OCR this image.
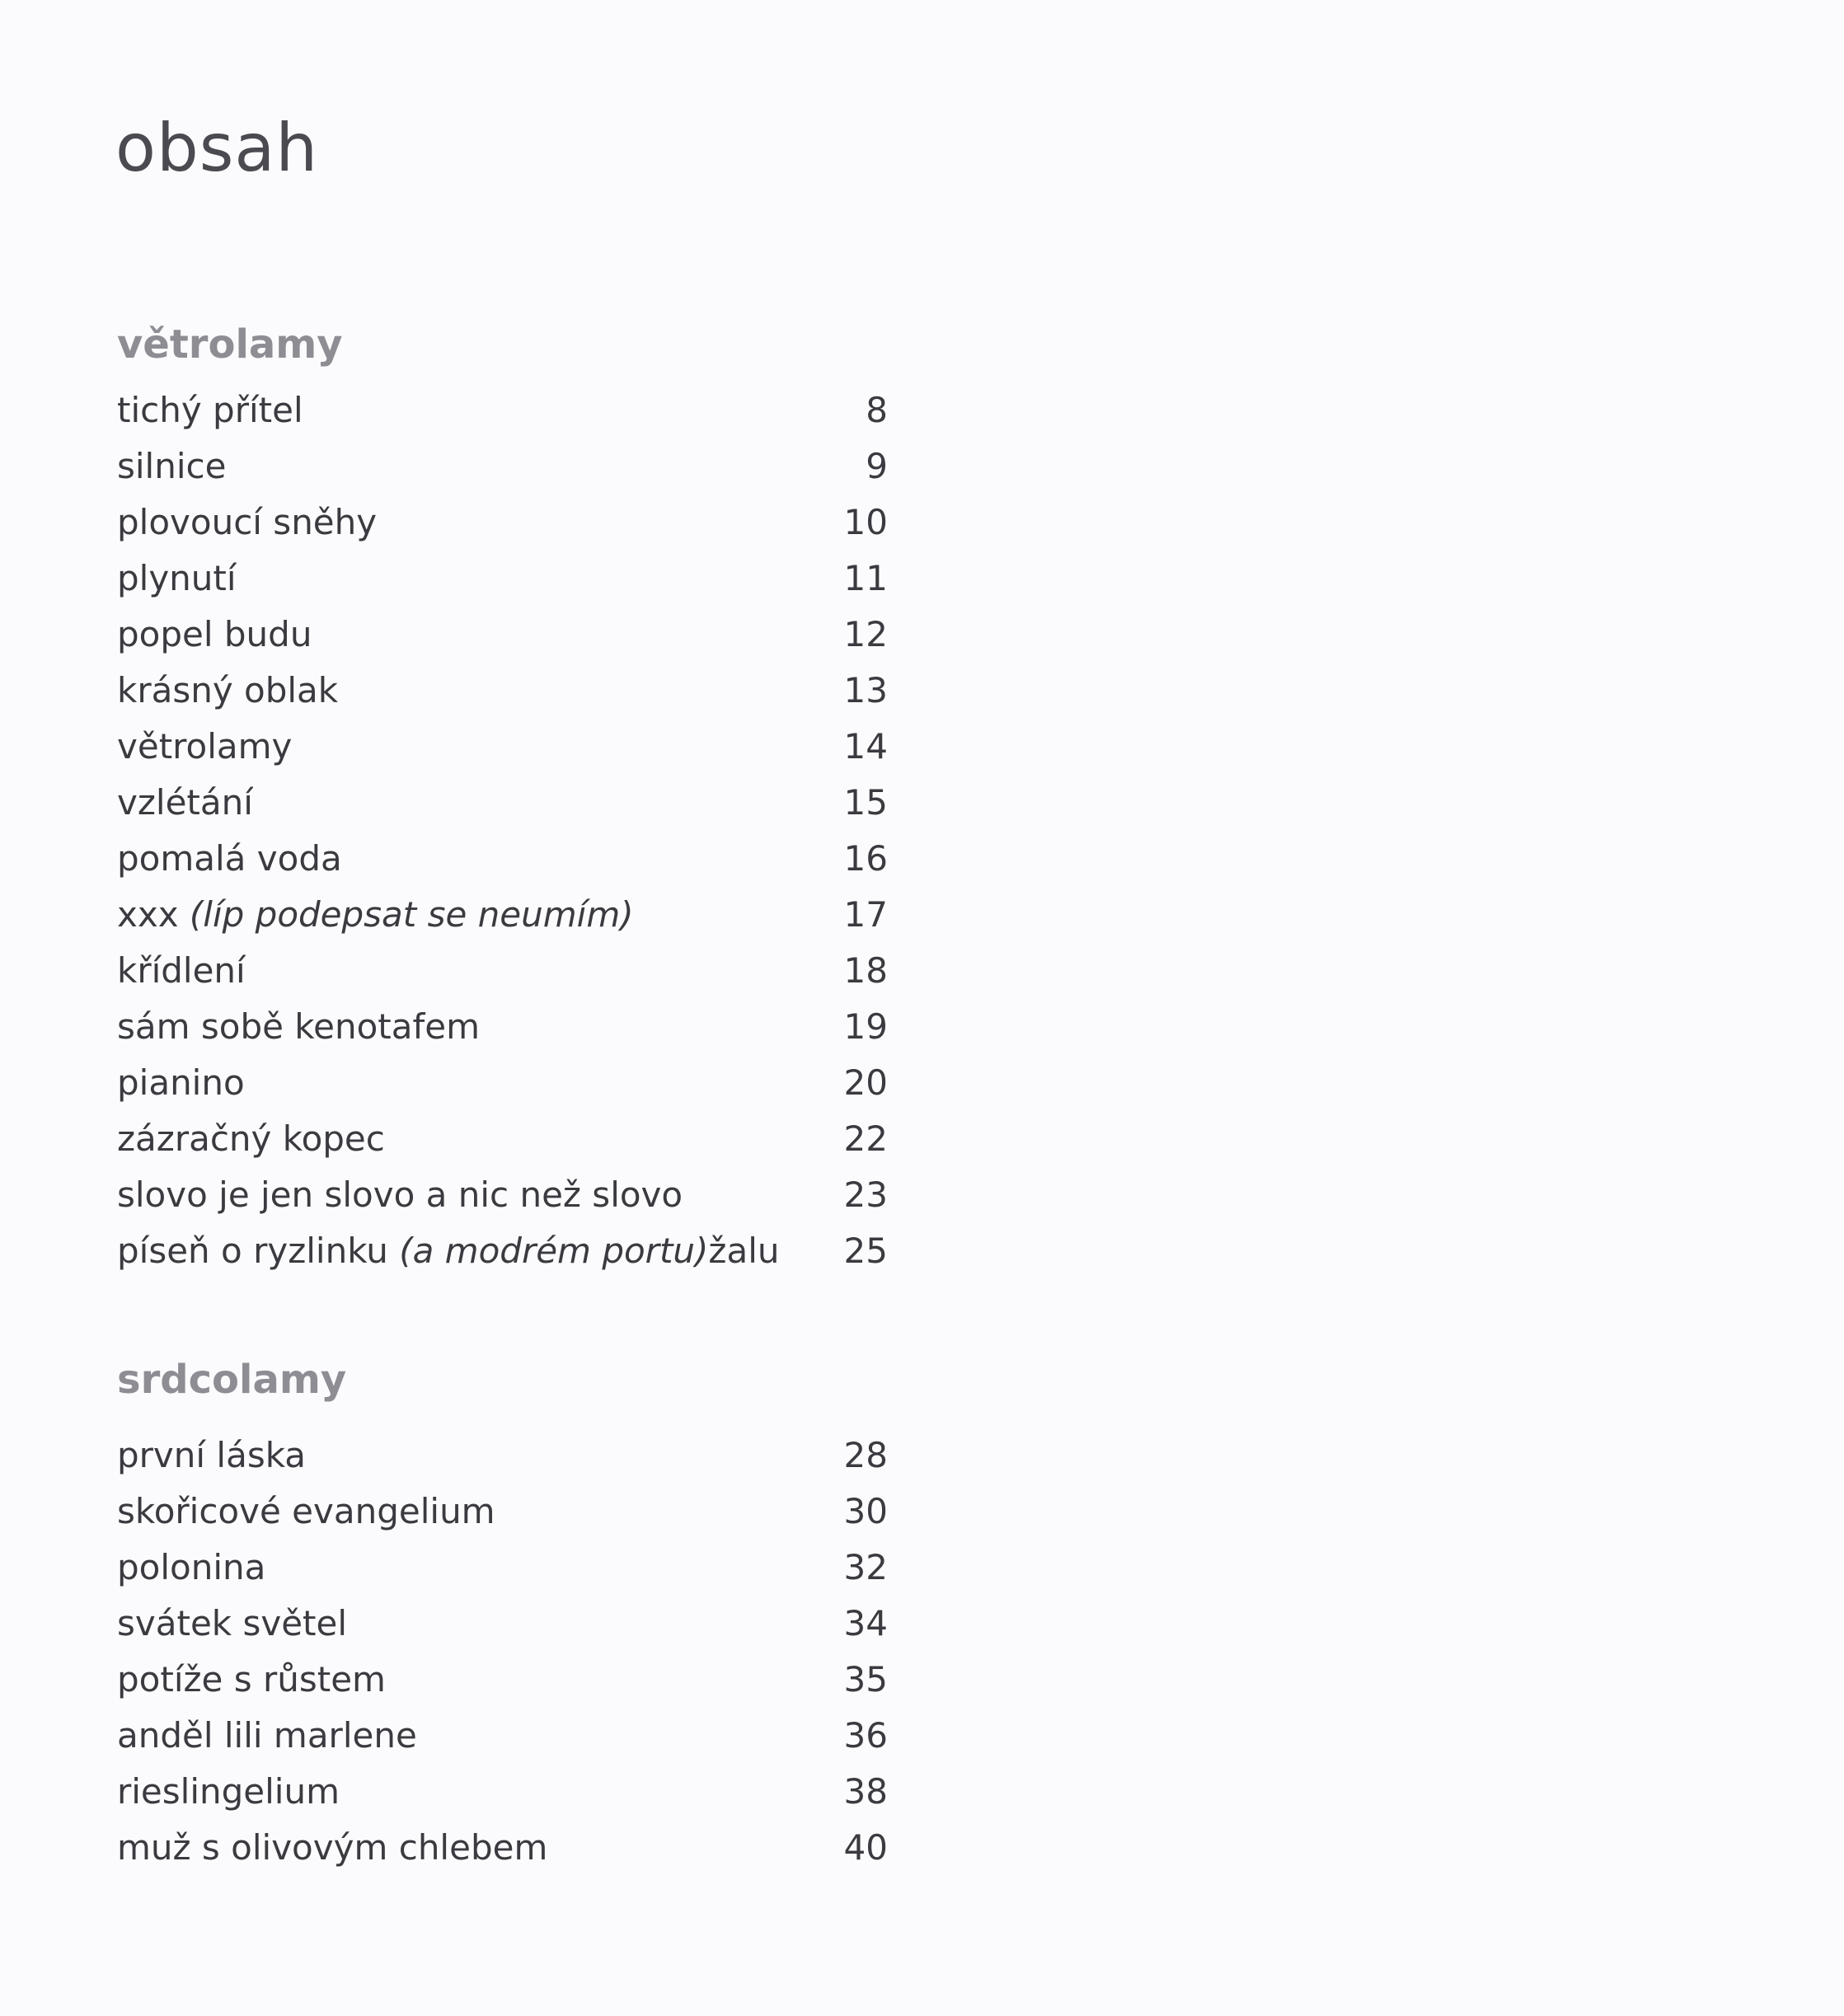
obsah
větrolamy
tichý přítel	8
silnice	9
plovoucí sněhy	10
plynutí	11
popel budu	12
krásný oblak	13
větrolamy	14
vzlétání	15
pomalá voda	16
xxx (líp podepsat se neumím)	17
křídlení	18
sám sobě kenotafem	19
pianino	20
zázračný kopec	22
slovo je jen slovo a nic než slovo	23
píseň o ryzlinku (a modrém portu)žalu	25
srdcolamy
první láska	28
skořicové evangelium	30
polonina	32
svátek světel	34
potíže s růstem	35
anděl lili marlene	36
rieslingelium	38
muž s olivovým chlebem	40
